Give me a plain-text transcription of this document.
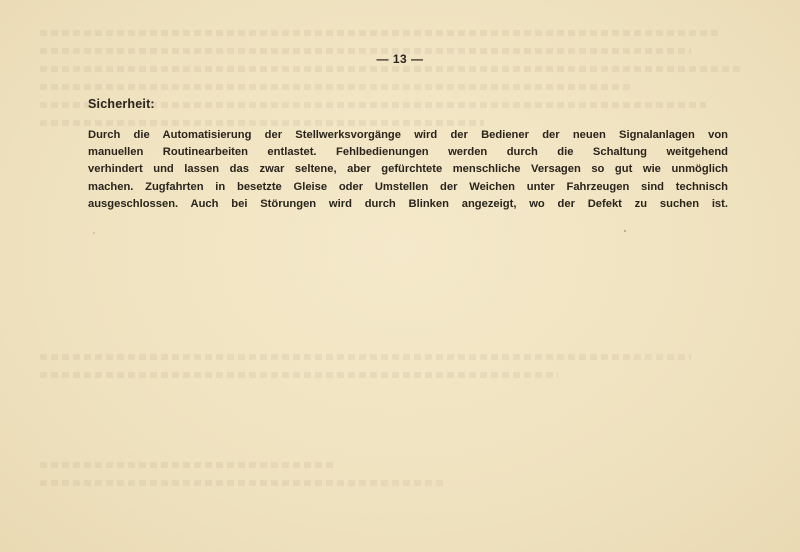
— 13 —
Sicherheit:
Durch die Automatisierung der Stellwerksvorgänge wird der Bediener der neuen Signalanlagen von
manuellen Routinearbeiten entlastet. Fehlbedienungen werden durch die Schaltung weitgehend
verhindert und lassen das zwar seltene, aber gefürchtete menschliche Versagen so gut wie unmöglich
machen. Zugfahrten in besetzte Gleise oder Umstellen der Weichen unter Fahrzeugen sind technisch
ausgeschlossen. Auch bei Störungen wird durch Blinken angezeigt, wo der Defekt zu suchen ist.
